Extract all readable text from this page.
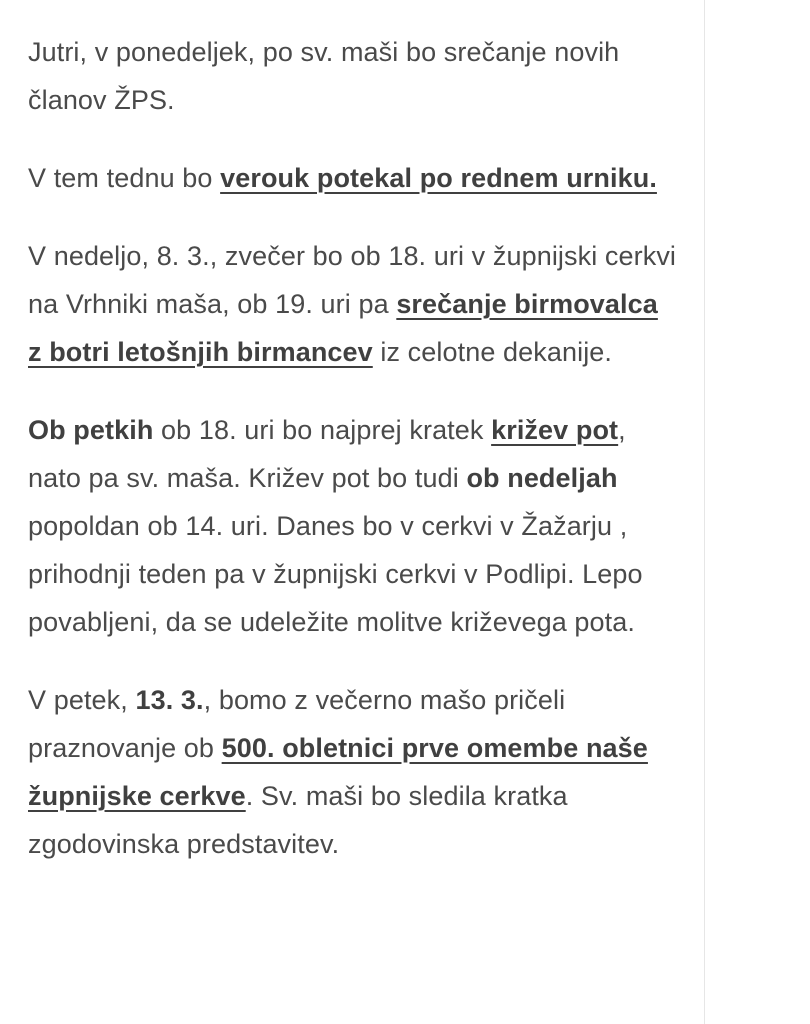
Jutri, v ponedeljek, po sv. maši bo srečanje novih članov ŽPS.

V tem tednu bo verouk potekal po rednem urniku.

V nedeljo, 8. 3., zvečer bo ob 18. uri v župnijski cerkvi na Vrhniki maša, ob 19. uri pa srečanje birmovalca z botri letošnjih birmancev iz celotne dekanije.

Ob petkih ob 18. uri bo najprej kratek križev pot, nato pa sv. maša. Križev pot bo tudi ob nedeljah popoldan ob 14. uri. Danes bo v cerkvi v Žažarju , prihodnji teden pa v župnijski cerkvi v Podlipi. Lepo povabljeni, da se udeležite molitve križevega pota.

V petek, 13. 3., bomo z večerno mašo pričeli praznovanje ob 500. obletnici prve omembe naše župnijske cerkve. Sv. maši bo sledila kratka zgodovinska predstavitev.
